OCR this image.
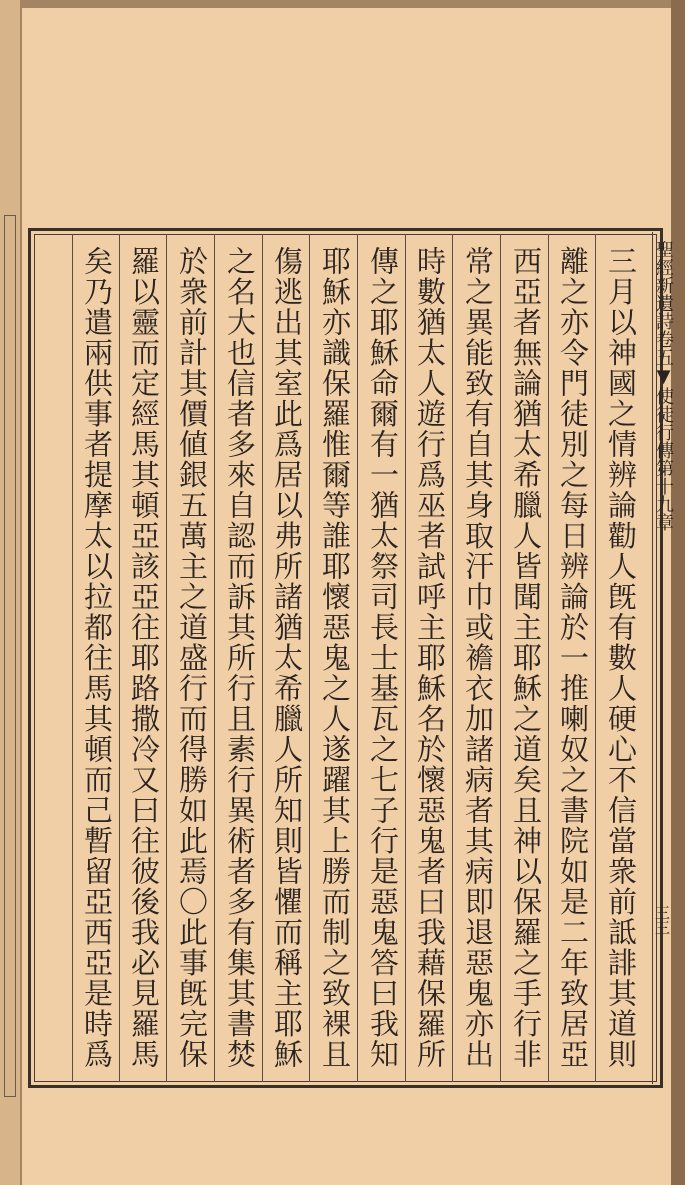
聖經新遺詩卷五▼使徒行傳第十九章
三三
三月以神國之情辨論勸人旣有數人硬心不信當衆前詆誹其道則
離之亦令門徒別之每日辨論於一推喇奴之書院如是二年致居亞
西亞者無論猶太希臘人皆聞主耶穌之道矣且神以保羅之手行非
常之異能致有自其身取汗巾或襜衣加諸病者其病即退惡鬼亦出
時數猶太人遊行爲巫者試呼主耶穌名於懷惡鬼者曰我藉保羅所
傳之耶穌命爾有一猶太祭司長士基瓦之七子行是惡鬼答曰我知
耶穌亦識保羅惟爾等誰耶懷惡鬼之人遂躍其上勝而制之致裸且
傷逃出其室此爲居以弗所諸猶太希臘人所知則皆懼而稱主耶穌
之名大也信者多來自認而訴其所行且素行異術者多有集其書焚
於衆前計其價値銀五萬主之道盛行而得勝如此焉〇此事旣完保
羅以靈而定經馬其頓亞該亞往耶路撒冷又曰往彼後我必見羅馬
矣乃遣兩供事者提摩太以拉都往馬其頓而己暫留亞西亞是時爲
